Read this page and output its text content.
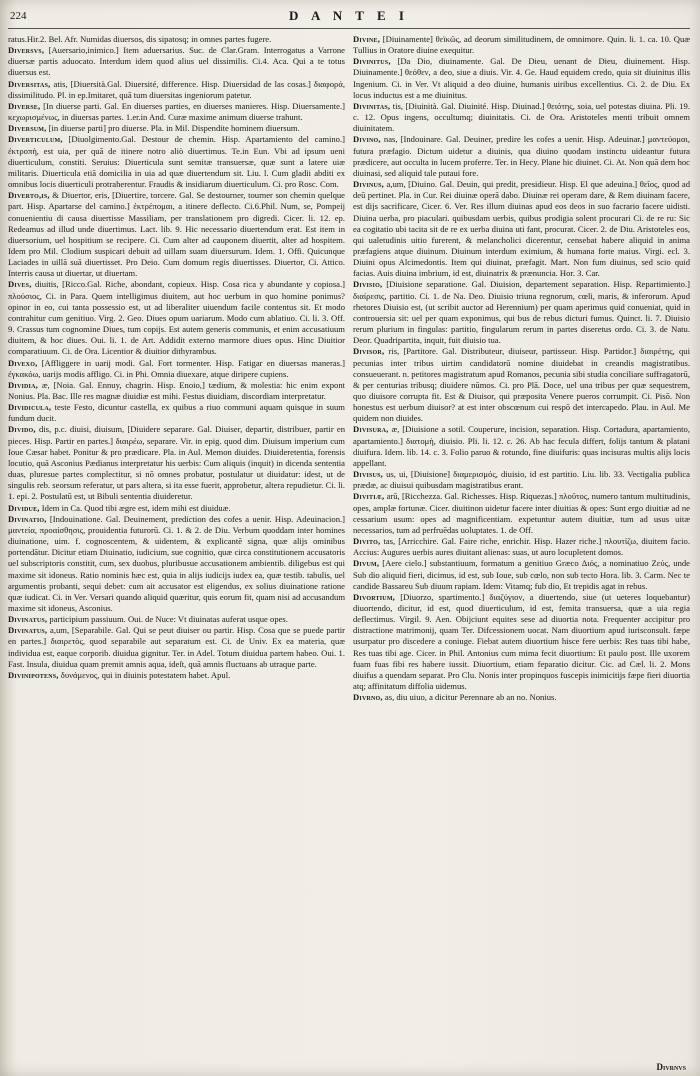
224	D A N T E I

ratus.Hir.2. Bel. Afr. Numidas diuersos, dis sipatosq; in omnes partes fugere.

Diversvs, [Auersario,inimico.] Item aduersarius. Suc. de Clar.Gram. Interrogatus a Varrone diuersæ partis aduocato. Interdum idem quod alius uel dissimilis. Ci.4. Aca. Qui a te totus diuersus est.

Diversitas, atis, [Diuersità.Gal. Diuersité, difference. Hisp. Diuersidad de las cosas.] διαφορά, dissimilitudo. Pl. in ep.Imitaret, quā tum diuersitas ingeniorum patetur.

Diverse, [In diuerse parti. Gal. En diuerses parties, en diuerses manieres. Hisp. Diuersamente.] κεχωρισμένως, in diuersas partes. 1.er.in And. Curæ maxime animum diuerse trahunt.

Diversum, [in diuerse parti] pro diuerse. Pla. in Mil. Dispendite hominem diuersum.

Diverticulum, [Diuolgimento.Gal. Destour de chemin. Hisp. Apartamiento del camino.] ἐκτροπὴ, est uia, per quā de itinere notro aliò diuertimus. Te.in Eun. Vbi ad ipsum ueni diuerticulum, constiti. Seruius: Diuerticula sunt semitæ transuersæ, quæ sunt a latere uiæ militaris. Diuerticula etiā domicilia in uia ad quæ diuertendum sit. Liu. l. Cum gladii abditi ex omnibus locis diuerticuli protraherentur. Fraudis & insidiarum diuerticulum. Ci. pro Rosc. Com.

Diverto,is, & Diuertor, eris, [Diuertire, torcere. Gal. Se destourner, tourner son chemin quelque part. Hisp. Apartarse del camino.] ἐκτρέπομαι, a itinere deflecto. Ci.6.Phil. Num, se, Pompeij conuenientiu di causa diuertisse Massiliam, per translationem pro digredi. Cicer. li. 12. ep. Redeamus ad illud unde diuertimus. Lact. lib. 9. Hic necessario diuertendum erat. Est item in diuersorium, uel hospitium se recipere. Ci. Cum alter ad cauponem diuertit, alter ad hospitem. Idem pro Mil. Clodium suspicari debuit ad uillam suam diuersurum. Idem. 1. Offi. Quicunque Laciades in uillā suā diuertisset. Pro Deio. Cum domum regis diuertisses. Diuertor, Ci. Attico. Interris causa ut diuertar, ut diuertam.

Dives, diuitis, [Ricco.Gal. Riche, abondant, copieux. Hisp. Cosa rica y abundante y copiosa.] πλούσιος, Ci. in Para. Quem intelligimus diuitem, aut hoc uerbum in quo homine ponimus? opinor in eo, cui tanta possessio est, ut ad liberaliter uiuendum facile contentus sit. Et modo contrahitur cum genitiuo. Virg. 2. Geo. Diues opum uariarum. Modo cum ablatiuo. Ci. li. 3. Off. 9. Crassus tum cognomine Diues, tum copijs. Est autem generis communis, et enim accusatiuum diuitem, & hoc diues. Oui. li. 1. de Art. Addidit externo marmore diues opus. Hinc Diuitior comparatiuum. Ci. de Ora. Licentior & diuitior dithyrambus.

Divexo, [Affliggere in uarij modi. Gal. Fort tormenter. Hisp. Fatigar en diuersas maneras.] ἐγκακόω, uarijs modis affligo. Ci. in Phi. Omnia diuexare, atque diripere cupiens.

Dividia, æ, [Noia. Gal. Ennuy, chagrin. Hisp. Enoio,] tædium, & molestia: hic enim expont Nonius. Pla. Bac. Ille res magnæ diuidiæ est mihi. Festus diuidiam, discordiam interpretatur.

Dividicula, teste Festo, dicuntur castella, ex quibus a riuo communi aquam quisque in suum fundum ducit.

Divido, dis, p.c. diuisi, diuisum, [Diuidere separare. Gal. Diuiser, departir, distribuer, partir en pieces. Hisp. Partir en partes.] διαιρέω, separare. Vir. in epig. quod dim. Diuisum imperium cum Ioue Cæsar habet. Ponitur & pro prædicare. Pla. in Aul. Memon diuides. Diuideretentia, forensis locutio, quā Asconius Pædianus interpretatur his uerbis: Cum aliquis (inquit) in dicenda sententia duas, pluresue partes complectitur, si nō omnes probatur, postulatur ut diuidatur: idest, ut de singulis reb. seorsum referatur, ut pars altera, si ita esse fuerit, approbetur, altera repudietur. Ci. li. 1. epi. 2. Postulatū est, ut Bibuli sententia diuideretur.

Dividue, Idem in Ca. Quod tibi ægre est, idem mihi est diuiduæ.

Divinatio, [Indouinatione. Gal. Deuinement, prediction des cofes a uenir. Hisp. Adeuinacion.] μαντεία, προαίσθησις, prouidentia futurorū. Ci. 1. & 2. de Diu. Verbum quoddam inter homines diuinatione, uim. f. cognoscentem, & uidentem, & explicantē signa, quæ alijs ominibus portendātur. Dicitur etiam Diuinatio, iudicium, sue cognitio, quæ circa constitutionem accusatoris uel subscriptoris constitit, cum, sex duobus, pluribusue accusationem ambientib. diligebus est qui maxime sit idoneus. Ratio nominis hæc est, quia in alijs iudicijs iudex ea, quæ testib. tabulis, uel argumentis probanti, sequi debet: cum ait accusator est eligendus, ex solius diuinatione ratione quæ iudicat. Ci. in Ver. Versari quando aliquid quæritur, quis eorum fit, quam nisi ad accusandum maxime sit idoneus, Asconius.

Divinatus, participium passiuum. Oui. de Nuce: Vt diuinatas auferat usque opes.

Divinatus, a,um, [Separabile. Gal. Qui se peut diuiser ou partir. Hisp. Cosa que se puede partir en partes.] διαιρετὸς, quod separabile aut separatum est. Ci. de Univ. Ex ea materia, quæ individua est, eaque corporib. diuidua gignitur. Ter. in Adel. Totum diuidua partem habeo. Oui. 1. Fast. Insula, diuidua quam premit amnis aqua, ideſt, quā amnis fluctuans ab utraque parte.

Divinipotens, δυνάμενος, qui in diuinis potestatem habet. Apul.

Divine, [Diuinamente] θεϊκῶς, ad deorum similitudinem, de omnimore. Quin. li. 1. ca. 10. Quæ Tullius in Oratore diuine exequitur.

Divinitus, [Da Dio, diuinamente. Gal. De Dieu, uenant de Dieu, diuinement. Hisp. Diuinamente.] θεόθεν, a deo, siue a diuis. Vir. 4. Ge. Haud equidem credo, quia sit diuinitus illis Ingenium. Ci. in Ver. Vt aliquid a deo diuine, humanis uiribus excellentius. Ci. 2. de Diu. Ex locus inductus est a me diuinitus.

Divinitas, tis, [Diuinità. Gal. Diuinité. Hisp. Diuinad.] θειότης, soia, uel potestas diuina. Pli. 19. c. 12. Opus ingens, occultumq; diuinitatis. Ci. de Ora. Aristoteles menti tribuit omnem diuinitatem.

Divino, nas, [Indouinare. Gal. Deuiner, predire les cofes a uenir. Hisp. Adeuinar.] μαντεύομαι, futura præfagio. Dictum uidetur a diuinis, qua diuino quodam instinctu uideantur futura prædicere, aut occulta in lucem proferre. Ter. in Hecy. Plane hic diuinet. Ci. At. Non quā dem hoc diuinasi, sed aliquid tale putaui fore.

Divinus, a,um, [Diuino. Gal. Deuin, qui predit, presidieur. Hisp. El que adeuina.] θεῖος, quod ad deū pertinet. Pla. in Cur. Rei diuinæ operā dabo. Diuinæ rei operam dare, & Rem diuinam facere, est dijs sacrificare, Cicer. 6. Ver. Res illum diuinas apud eos deos in suo facrario facere uidisti. Diuina uerba, pro piaculari. quibusdam uerbis, quibus prodigia solent procurari Ci. de re ru: Sic ea cogitatio ubi tacita sit de re ex uerba diuina uti fant, procurat. Cicer. 2. de Diu. Aristoteles eos, qui ualetudinis uitio furerent, & melancholici dicerentur, censebat habere aliquid in anima præfagiens atque diuinum. Diuinum interdum eximium, & humana forte maius. Virgi. ecl. 3. Diuini opus Alcimedontis. Item qui diuinat, præfagit. Mart. Non fum diuinus, sed scio quid facias. Auis diuina imbrium, id est, diuinatrix & prænuncia. Hor. 3. Car.

Divisio, [Diuisione separatione. Gal. Diuision, departement separation. Hisp. Repartimiento.] διαίρεσις, partitio. Ci. 1. de Na. Deo. Diuisio triuna regnorum, cœli, maris, & inferorum. Apud rhetores Diuisio est, (ut scribit auctor ad Herennium) per quam aperimus quid conueniat, quid in controuersia sit: uel per quam exponimus, qui bus de rebus dicturi fumus. Quinct. li. 7. Diuisio rerum plurium in fingulas: partitio, fingularum rerum in partes diseretus ordo. Ci. 3. de Natu. Deor. Quadripartita, inquit, fuit diuisio tua.

Divisor, ris, [Partitore. Gal. Distributeur, diuiseur, partisseur. Hisp. Partidor.] διαιρέτης, qui pecunias inter tribus uirtim candidatorū nomine diuidebat in creandis magistratibus. consueuerant. n. petitores magistratum apud Romanos, pecunia sibi studia conciliare suffragatorū, & per centurias tribusq; diuidere nūmos. Ci. pro Plā. Doce, uel una tribus per quæ sequestrem, quo diuisore corrupta fit. Est & Diuisor, qui præposita Venere pueros corrumpit. Ci. Pisō. Non honestus est uerbum diuisor? at est inter obscœnum cui respō det intercapedo. Plau. in Aul. Me quidem non diuides.

Divisura, æ, [Diuisione a sotil. Couperure, incision, separation. Hisp. Cortadura, apartamiento, apartamiento.] διατομή, diuisio. Pli. li. 12. c. 26. Ab hac fecula differt, folijs tantum & platani diuifura. Idem. lib. 14. c. 3. Folio paruo & rotundo, fine diuifuris: quas incisuras multis alijs locis appellant.

Divisus, us, ui, [Diuisione] διαμερισμός, diuisio, id est partitio. Liu. lib. 33. Vectigalia publica prædæ, ac diuisui quibusdam magistratibus erant.

Divitiæ, arū, [Ricchezza. Gal. Richesses. Hisp. Riquezas.] πλοῦτος, numero tantum multitudinis, opes, amplæ fortunæ. Cicer. diuitinon uidetur facere inter diuitias & opes: Sunt ergo diuitiæ ad ne cessarium usum: opes ad magnificentiam. expetuntur autem diuitiæ, tum ad usus uitæ necessarios, tum ad perfruēdas uoluptates. 1. de Off.

Divito, tas, [Arricchire. Gal. Faire riche, enrichir. Hisp. Hazer riche.] πλουτίζω, diuitem facio. Accius: Augures uerbis aures diuitant alienas: suas, ut auro locupletent domos.

Divum, [Aere cielo.] substantiuum, formatum a genitiuo Græco Διός, a nominatiuo Ζεύς, unde Sub dio aliquid fieri, dicimus, id est, sub Ioue, sub cœlo, non sub tecto Hora. lib. 3. Carm. Nec te candide Bassareu Sub diuum rapiam. Idem: Vitamq; fub dio, Et trepidis agat in rebus.

Divortium, [Diuorzo, spartimento.] διαζύγιον, a diuertendo, siue (ut ueteres loquebantur) diuortendo, dicitur, id est, quod diuerticulum, id est, femita transuersa, quæ a uia regia deflectimus. Virgil. 9. Aen. Obijciunt equites sese ad diuortia nota. Frequenter accipitur pro distractione matrimonij, quam Ter. Difcessionem uocat. Nam diuortium apud iurisconsult. fæpe usurpatur pro discedere a coniuge. Fiebat autem diuortium hisce fere uerbis: Res tuas tibi habe, Res tuas tibi age. Cicer. in Phil. Antonius cum mima fecit diuortium: Et paulo post. Ille uxorem fuam fuas fibi res habere iussit. Diuortium, etiam feparatio dicitur. Cic. ad Cæl. li. 2. Mons diuifus a quendam separat. Pro Clu. Nonis inter propinquos fuscepis inimicitijs fæpe fieri diuortia atq; affinitatum diffolia uidemus.

Divrno, as, diu uiuo, a dicitur Perennare ab an no. Nonius.

Divrnvs
